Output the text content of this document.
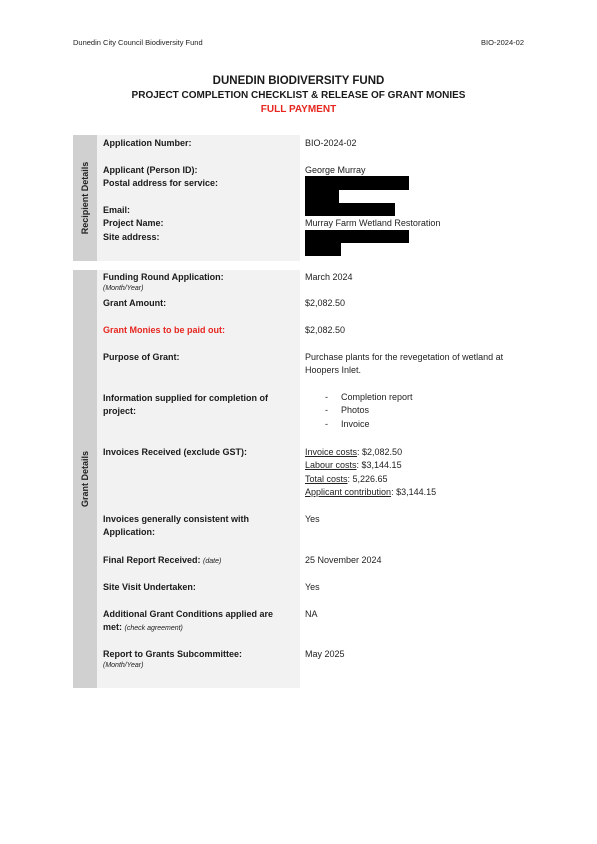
Dunedin City Council Biodiversity Fund	BIO-2024-02
DUNEDIN BIODIVERSITY FUND
PROJECT COMPLETION CHECKLIST & RELEASE OF GRANT MONIES
FULL PAYMENT
Recipient Details
Application Number:	BIO-2024-02
Applicant (Person ID):	George Murray
Postal address for service:
Email:
Project Name:	Murray Farm Wetland Restoration
Site address:
Grant Details
Funding Round Application:
(Month/Year)
March 2024
Grant Amount:	$2,082.50
Grant Monies to be paid out:	$2,082.50
Purpose of Grant:	Purchase plants for the revegetation of wetland at Hoopers Inlet.
Information supplied for completion of project:
- Completion report
- Photos
- Invoice
Invoices Received (exclude GST):	Invoice costs: $2,082.50
Labour costs: $3,144.15
Total costs: 5,226.65
Applicant contribution: $3,144.15
Invoices generally consistent with Application:
Yes
Final Report Received: (date)	25 November 2024
Site Visit Undertaken:	Yes
Additional Grant Conditions applied are met: (check agreement)
NA
Report to Grants Subcommittee:
(Month/Year)
May 2025
